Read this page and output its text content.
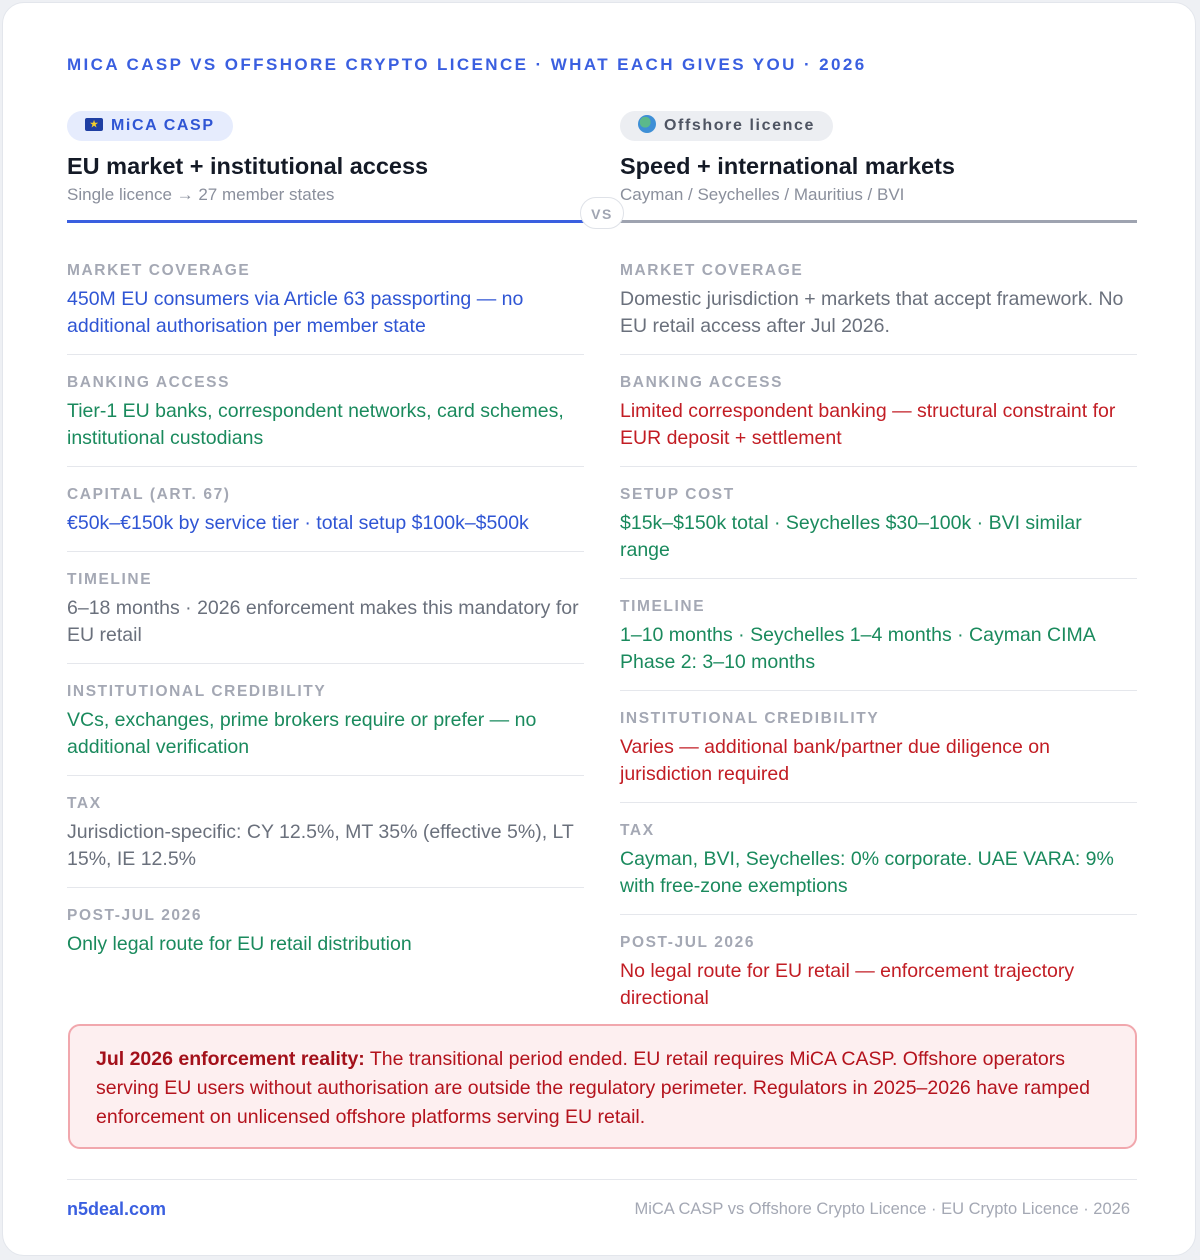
MICA CASP VS OFFSHORE CRYPTO LICENCE · WHAT EACH GIVES YOU · 2026
★MiCA CASP
EU market + institutional access
Single licence → 27 member states
Offshore licence
Speed + international markets
Cayman / Seychelles / Mauritius / BVI
VS
MARKET COVERAGE
450M EU consumers via Article 63 passporting — no additional authorisation per member state
BANKING ACCESS
Tier-1 EU banks, correspondent networks, card schemes, institutional custodians
CAPITAL (ART. 67)
€50k–€150k by service tier · total setup $100k–$500k
TIMELINE
6–18 months · 2026 enforcement makes this mandatory for EU retail
INSTITUTIONAL CREDIBILITY
VCs, exchanges, prime brokers require or prefer — no additional verification
TAX
Jurisdiction-specific: CY 12.5%, MT 35% (effective 5%), LT 15%, IE 12.5%
POST-JUL 2026
Only legal route for EU retail distribution
MARKET COVERAGE
Domestic jurisdiction + markets that accept framework. No EU retail access after Jul 2026.
BANKING ACCESS
Limited correspondent banking — structural constraint for EUR deposit + settlement
SETUP COST
$15k–$150k total · Seychelles $30–100k · BVI similar range
TIMELINE
1–10 months · Seychelles 1–4 months · Cayman CIMA Phase 2: 3–10 months
INSTITUTIONAL CREDIBILITY
Varies — additional bank/partner due diligence on jurisdiction required
TAX
Cayman, BVI, Seychelles: 0% corporate. UAE VARA: 9% with free-zone exemptions
POST-JUL 2026
No legal route for EU retail — enforcement trajectory directional
Jul 2026 enforcement reality: The transitional period ended. EU retail requires MiCA CASP. Offshore operators serving EU users without authorisation are outside the regulatory perimeter. Regulators in 2025–2026 have ramped enforcement on unlicensed offshore platforms serving EU retail.
n5deal.com	MiCA CASP vs Offshore Crypto Licence · EU Crypto Licence · 2026
